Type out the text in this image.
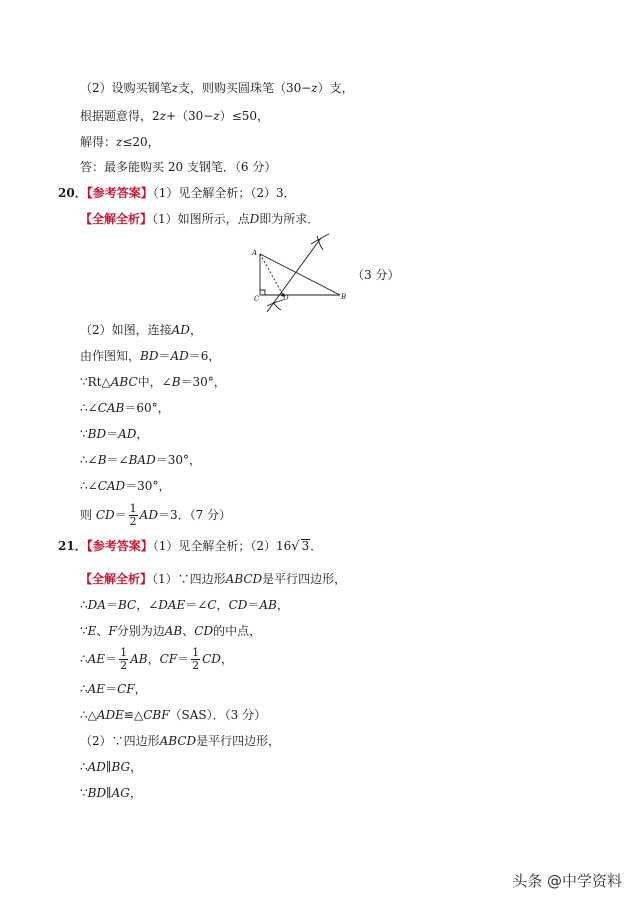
（2）设购买钢笔z支，则购买圆珠笔（30−z）支，
根据题意得，2z+（30−z）≤50，
解得：z≤20，
答：最多能购买 20 支钢笔．（6 分）
20．【参考答案】（1）见全解全析；（2）3．
【全解全析】（1）如图所示，点D即为所求．
A
C	D	B
（3 分）
（2）如图，连接AD，
由作图知，BD＝AD＝6，
∵Rt△ABC中，∠B＝30°，
∴∠CAB＝60°，
∵BD＝AD，
∴∠B＝∠BAD＝30°，
∴∠CAD＝30°，
则 $CD= \frac{1}{2} AD=3$．（7 分）
21．【参考答案】（1）见全解全析；（2）16√ 3．
【全解全析】（1）∵四边形ABCD是平行四边形，
∴DA＝BC，∠DAE＝∠C，CD＝AB，
∵E、F分别为边AB、CD的中点，
∴AE＝ $\frac{1}{2}$ AB，$CF= \frac{1}{2}$ CD，
∴AE＝CF，
∴△ADE≌△CBF（SAS）．（3 分）
（2）∵四边形ABCD是平行四边形，
∴AD∥BG，
∵BD∥AG，
头条 @中学资料
